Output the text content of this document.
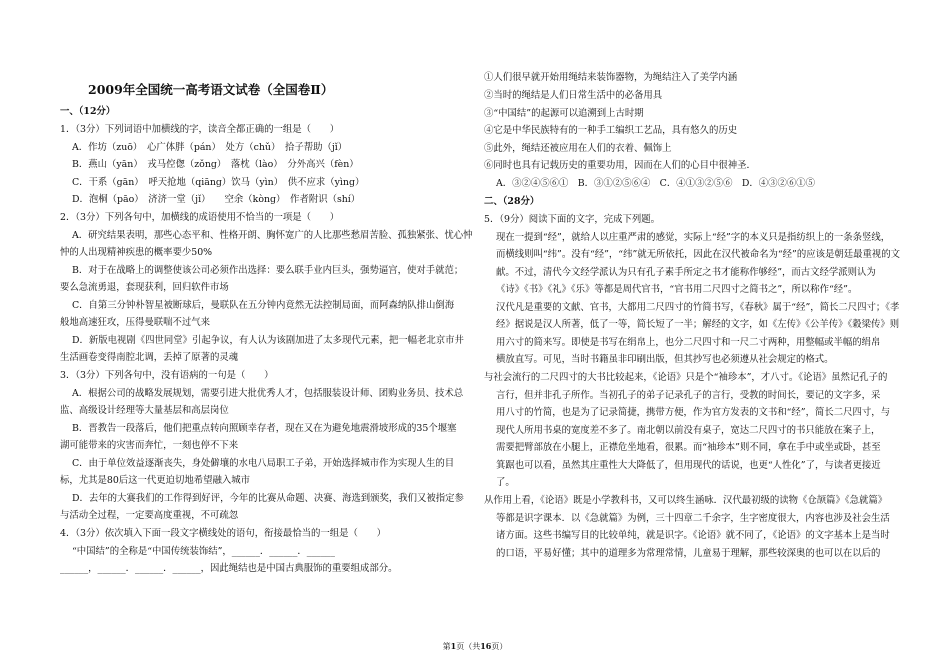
2009年全国统一高考语文试卷（全国卷Ⅱ）
一、（12分）
1．（3分）下列词语中加横线的字，读音全都正确的一组是（　　）
A．作坊（zuō）　心广体胖（pán）　处方（chǔ）　拾子帮助（jǐ）
B．燕山（yān）　戎马倥偬（zǒng）　落枕（lào）　分外高兴（fèn）
C．干系（gān）　呼天抢地（qiāng）饮马（yìn）　供不应求（yìng）
D．泡桐（pāo）　济济一堂（jǐ）　　空余（kòng）　作者附识（shí）
2．（3分）下列各句中，加横线的成语使用不恰当的一项是（　　）
A．研究结果表明，那些心态平和、性格开朗、胸怀宽广的人比那些愁眉苦脸、孤独紧张、忧心忡
忡的人出现精神疾患的概率要少50%
B．对于在战略上的调整使该公司必须作出选择：要么联手业内巨头，强势逼宫，使对手就范；
要么急流勇退，套现获利，回归软件市场
C．自第三分钟朴智星被断球后，曼联队在五分钟内竟然无法控制局面，而阿森纳队排山倒海
般地高速狂攻，压得曼联喘不过气来
D．新版电视剧《四世同堂》引起争议，有人认为该剧加进了太多现代元素，把一幅老北京市井
生活画卷变得南腔北调，丢掉了原著的灵魂
3．（3分）下列各句中，没有语病的一句是（　　）
A．根据公司的战略发展规划，需要引进大批优秀人才，包括服装设计师、团购业务员、技术总
监、高级设计经理等大量基层和高层岗位
B．晋教告一段落后，他们把重点转向照顾幸存者，现在又在为避免地震滑坡形成的35个堰塞
湖可能带来的灾害而奔忙，一刻也停不下来
C．由于单位效益逐渐丧失，身处僻壤的水电八局职工子弟，开始选择城市作为实现人生的目
标，尤其是80后这一代更迫切地希望融入城市
D．去年的大赛我们的工作得到好评，今年的比赛从命题、决赛、海选到颁奖，我们又被指定参
与活动全过程，一定要高度重视，不可疏忽
4．（3分）依次填入下面一段文字横线处的语句，衔接最恰当的一组是（　　）
“中国结”的全称是“中国传统装饰结”，______．______．______
______，______．______．______，因此绳结也是中国古典服饰的重要组成部分。
①人们很早就开始用绳结来装饰器物，为绳结注入了美学内涵
②当时的绳结是人们日常生活中的必备用具
③“中国结”的起源可以追溯到上古时期
④它是中华民族特有的一种手工编织工艺品，具有悠久的历史
⑤此外，绳结还被应用在人们的衣着、佩饰上
⑥同时也具有记载历史的重要功用，因而在人们的心目中很神圣．
A．③②④⑤⑥①　B．③①②⑤⑥④　C．④①③②⑤⑥　D．④③②⑥①⑤
二、（28分）
5．（9分）阅读下面的文字，完成下列题。
现在一提到“经”，就给人以庄重严肃的感觉，实际上“经”字的本义只是指纺织上的一条条竖线，
而横线则叫“纬”。没有“经”，“纬”就无所依托，因此在汉代被命名为“经”的应该是朝廷最重视的文
献。不过，清代今文经学派认为只有孔子素手所定之书才能称作够经”，而古文经学派则认为
《诗》《书》《礼》《乐》等都是周代官书，“官书用二尺四寸之简书之”，所以称作“经”。
汉代凡是重要的文献、官书，大都用二尺四寸的竹简书写，《春秋》属于“经”，简长二尺四寸；《孝
经》据说是汉人所著，低了一等，简长短了一半；解经的文字，如《左传》《公羊传》《穀梁传》则
用六寸的简来写。即使是书写在绢帛上，也分二尺四寸和一尺二寸两种，用整幅或半幅的绢帛
横放直写。可见，当时书籍虽非印刷出版，但其抄写也必须遵从社会规定的格式。
与社会流行的二尺四寸的大书比较起来，《论语》只是个“袖珍本”，才八寸。《论语》虽然记孔子的
言行，但并非孔子所作。当初孔子的弟子记录孔子的言行，受教的时间长，要记的文字多，采
用八寸的竹简，也是为了记录简捷，携带方便，作为官方发表的文书和“经”，简长二尺四寸，与
现代人所用书桌的宽度差不多了。南北朝以前没有桌子，宽达二尺四寸的书只能放在案子上，
需要把臂部放在小腿上，正襟危坐地看，很累。而“袖珍本”则不同，拿在手中或坐或卧，甚至
箕踞也可以看，虽然其庄重性大大降低了，但用现代的话说，也更“人性化”了，与读者更接近
了。
从作用上看，《论语》既是小学教科书，又可以终生涵咏．汉代最初级的读物《仓颉篇》《急就篇》
等都是识字课本．以《急就篇》为例，三十四章二千余字，生字密度很大，内容也涉及社会生活
诸方面。这些书编写目的比较单纯，就是识字。《论语》就不同了，《论语》的文字基本上是当时
的口语，平易好懂；其中的道理多为常理常情，儿童易于理解，那些较深奥的也可以在以后的
第1页（共16页）
